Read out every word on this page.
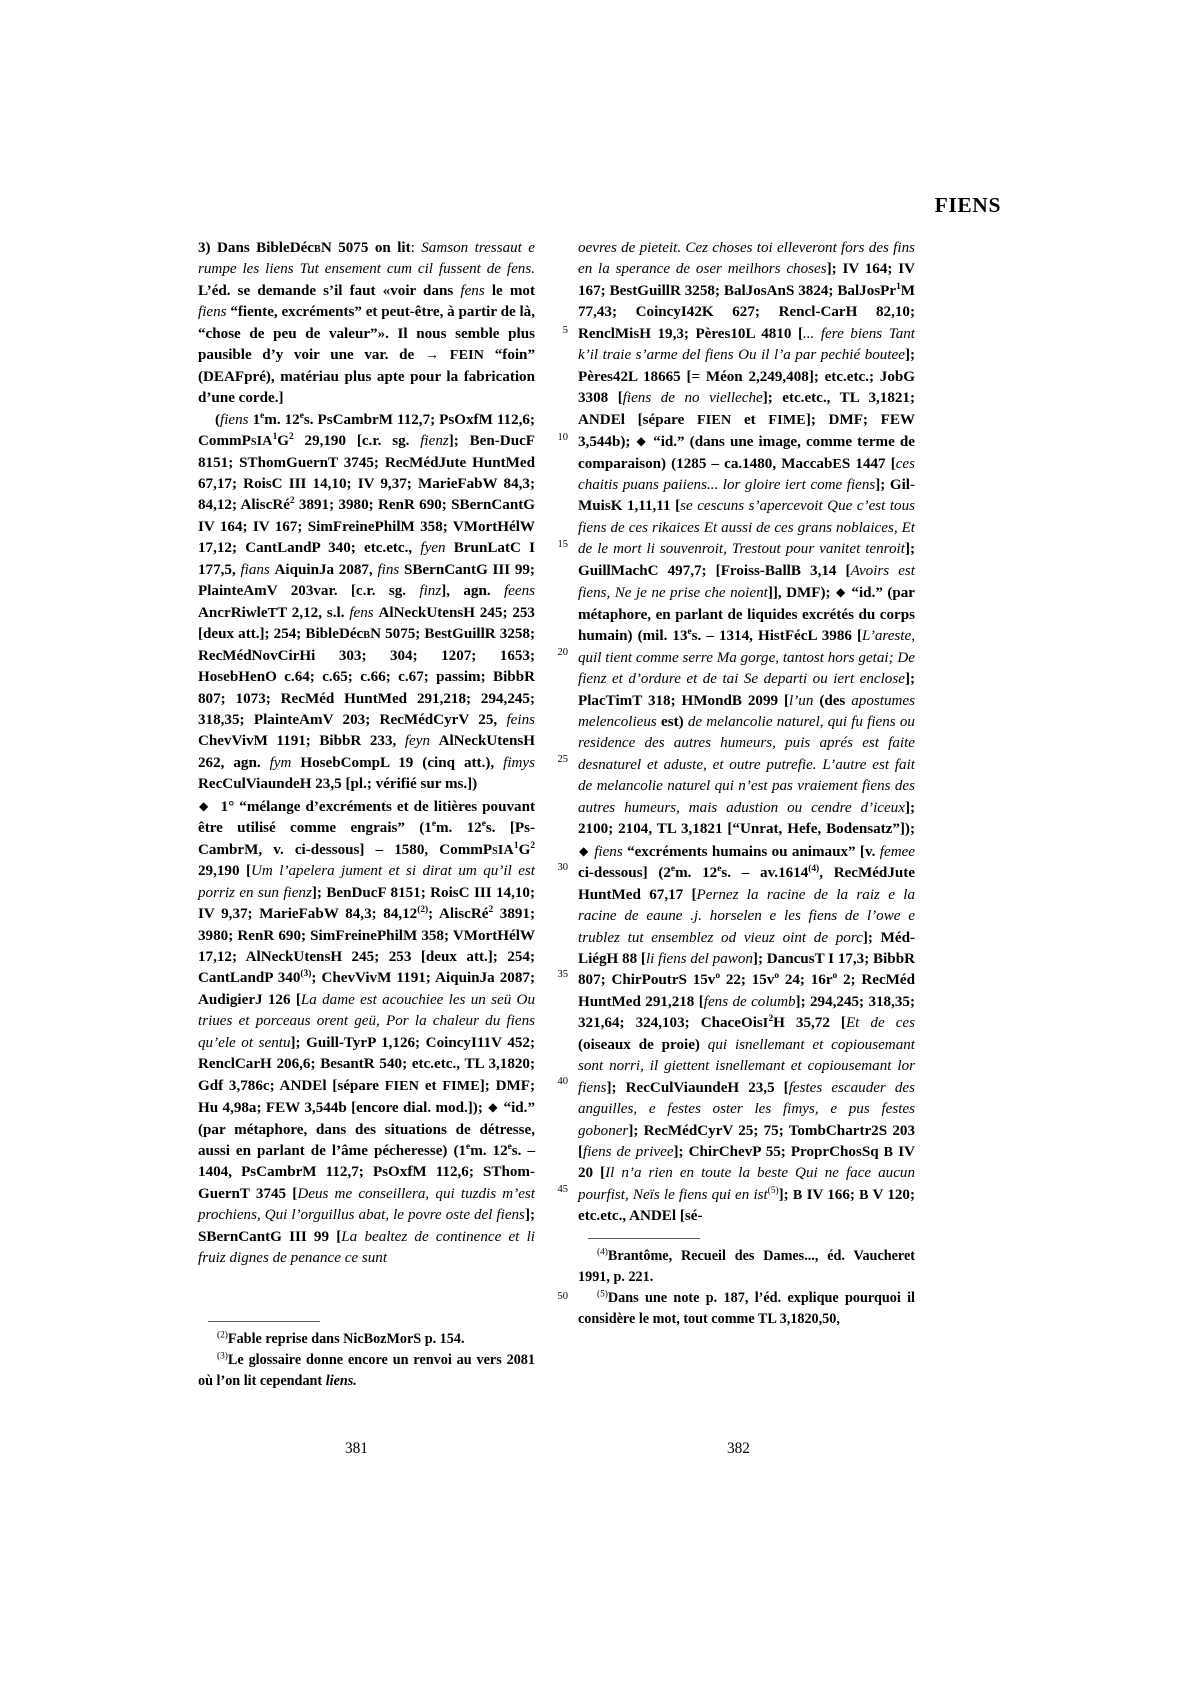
FIENS

3) Dans BibleDécbN 5075 on lit: Samson tressaut e rumpe les liens Tut ensement cum cil fussent de fens. L’éd. se demande s’il faut «voir dans fens le mot fiens “fiente, excréments” et peut-être, à partir de là, “chose de peu de valeur”». Il nous semble plus pausible d’y voir une var. de → FEIN “foin” (DEAFpré), matériau plus apte pour la fabrication d’une corde.]

(fiens 1em. 12es. PsCambrM 112,7; PsOxfM 112,6; $CommPsIA^1G^2$ 29,190 [c.r. sg. fienz]; Ben-DucF 8151; SThomGuernT 3745; RecMédJute HuntMed 67,17; RoisC III 14,10; IV 9,37; MarieFabW 84,3; 84,12; AliscRé$^2$ 3891; 3980; RenR 690; SBernCantG IV 164; IV 167; SimFreinePhilM 358; VMortHélW 17,12; CantLandP 340; etc.etc., fyen BrunLatC I 177,5, fians AiquinJa 2087, fins SBernCantG III 99; PlainteAmV 203var. [c.r. sg. finz], agn. feens AncrRiwleTT 2,12, s.l. fens AlNeckUtensH 245; 253 [deux att.]; 254; BibleDécbN 5075; BestGuillR 3258; RecMédNovCirHi 303; 304; 1207; 1653; HosebHenO c.64; c.65; c.66; c.67; passim; BibbR 807; 1073; RecMéd HuntMed 291,218; 294,245; 318,35; PlainteAmV 203; RecMédCyrV 25, feins ChevVivM 1191; BibbR 233, feyn AlNeckUtensH 262, agn. fym HosebCompL 19 (cinq att.), fimys RecCulViaundeH 23,5 [pl.; vérifié sur ms.])

◆  1° “mélange d’excréments et de litières pouvant être utilisé comme engrais” (1em. 12es. [Ps-CambrM, v. ci-dessous] – 1580, $CommPsIA^1G^2$ 29,190 [Um l’apelera jument et si dirat um qu’il est porriz en sun fienz]; BenDucF 8151; RoisC III 14,10; IV 9,37; MarieFabW 84,3; 84,12$^{(2)}$; AliscRé$^2$ 3891; 3980; RenR 690; SimFreinePhilM 358; VMortHélW 17,12; AlNeckUtensH 245; 253 [deux att.]; 254; CantLandP 340$^{(3)}$; ChevVivM 1191; AiquinJa 2087; AudigierJ 126 [La dame est acouchiee les un seü Ou triues et porceaus orent geü, Por la chaleur du fiens qu’ele ot sentu]; Guill-TyrP 1,126; CoincyI11V 452; RenclCarH 206,6; BesantR 540; etc.etc., TL 3,1820; Gdf 3,786c; ANDEl [sépare FIEN et FIME]; DMF; Hu 4,98a; FEW 3,544b [encore dial. mod.]); ◆ “id.” (par métaphore, dans des situations de détresse, aussi en parlant de l’âme pécheresse) (1em. 12es. – 1404, PsCambrM 112,7; PsOxfM 112,6; SThom-GuernT 3745 [Deus me conseillera, qui tuzdis m’est prochiens, Qui l’orguillus abat, le povre oste del fiens]; SBernCantG III 99 [La bealtez de continence et li fruiz dignes de penance ce sunt

oevres de pieteit. Cez choses toi elleveront fors des fins en la sperance de oser meilhors choses]; IV 164; IV 167; BestGuillR 3258; BalJosAnS 3824; BalJosPr$^1$M 77,43; CoincyI42K 627; Rencl-CarH 82,10; RenclMisH 19,3; Pères10L 4810 [... fere biens Tant k’il traie s’arme del fiens Ou il l’a par pechié boutee]; Pères42L 18665 [= Méon 2,249,408]; etc.etc.; JobG 3308 [fiens de no vielleche]; etc.etc., TL 3,1821; ANDEl [sépare FIEN et FIME]; DMF; FEW 3,544b); ◆ “id.” (dans une image, comme terme de comparaison) (1285 – ca.1480, MaccabES 1447 [ces chaitis puans paiiens... lor gloire iert come fiens]; Gil-MuisK 1,11,11 [se cescuns s’apercevoit Que c’est tous fiens de ces rikaices Et aussi de ces grans noblaices, Et de le mort li souvenroit, Trestout pour vanitet tenroit]; GuillMachC 497,7; [Froiss-BallB 3,14 [Avoirs est fiens, Ne je ne prise che noient]], DMF); ◆ “id.” (par métaphore, en parlant de liquides excrétés du corps humain) (mil. 13es. – 1314, HistFécL 3986 [L’areste, quil tient comme serre Ma gorge, tantost hors getai; De fienz et d’ordure et de tai Se departi ou iert enclose]; PlacTimT 318; HMondB 2099 [l’un (des apostumes melencolieus est) de melancolie naturel, qui fu fiens ou residence des autres humeurs, puis aprés est faite desnaturel et aduste, et outre putrefie. L’autre est fait de melancolie naturel qui n’est pas vraiement fiens des autres humeurs, mais adustion ou cendre d’iceux]; 2100; 2104, TL 3,1821 [“Unrat, Hefe, Bodensatz”]); ◆ fiens “excréments humains ou animaux” [v. femee ci-dessous] (2em. 12es. – av.1614$^{(4)}$, RecMédJute HuntMed 67,17 [Pernez la racine de la raiz e la racine de eaune .j. horselen e les fiens de l’owe e trublez tut ensemblez od vieuz oint de porc]; Méd-LiégH 88 [li fiens del pawon]; DancusT I 17,3; BibbR 807; ChirPoutrS $15v^o$ 22; $15v^o$ 24; $16r^o$ 2; RecMéd HuntMed 291,218 [fens de columb]; 294,245; 318,35; 321,64; 324,103; ChaceOisI$^2$H 35,72 [Et de ces (oiseaux de proie) qui isnellemant et copiousemant sont norri, il giettent isnellemant et copiousemant lor fiens]; RecCulViaundeH 23,5 [festes escauder des anguilles, e festes oster les fimys, e pus festes goboner]; RecMédCyrV 25; 75; TombChartr2S 203 [fiens de privee]; ChirChevP 55; ProprChosSq B IV 20 [Il n’a rien en toute la beste Qui ne face aucun pourfist, Neïs le fiens qui en ist$^{(5)}$]; B IV 166; B V 120; etc.etc., ANDEl [sé-

5
10
15
20
25
30
35
40
45
50

$^{(2)}$Fable reprise dans NicBozMorS p. 154.

$^{(3)}$Le glossaire donne encore un renvoi au vers 2081 où l’on lit cependant liens.

$^{(4)}$Brantôme, Recueil des Dames..., éd. Vaucheret 1991, p. 221.

$^{(5)}$Dans une note p. 187, l’éd. explique pourquoi il considère le mot, tout comme TL 3,1820,50,

381	382
